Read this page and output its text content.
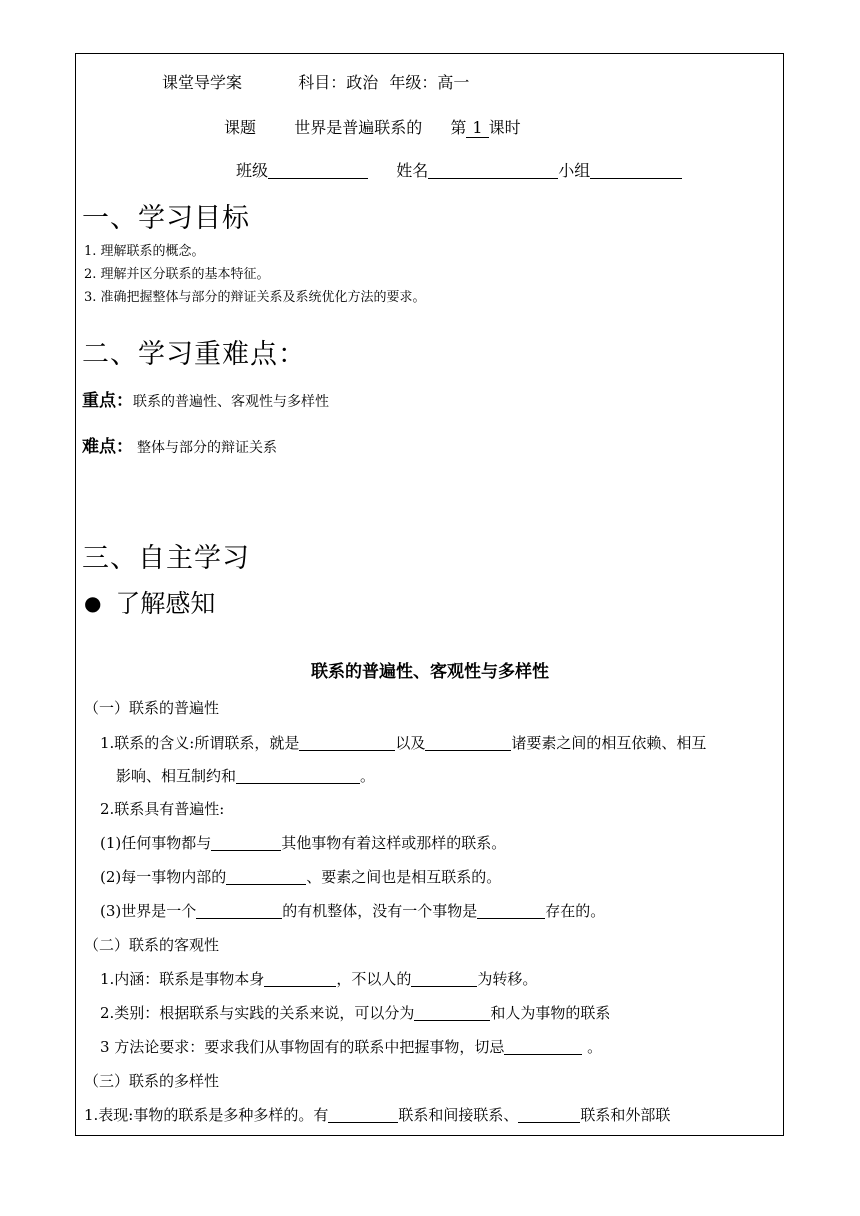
课堂导学案	科目：政治 年级：高一
课题 世界是普遍联系的 第 1 课时
班级	姓名	小组
一、学习目标
1. 理解联系的概念。
2. 理解并区分联系的基本特征。
3. 准确把握整体与部分的辩证关系及系统优化方法的要求。
二、学习重难点：
重点：联系的普遍性、客观性与多样性
难点： 整体与部分的辩证关系
三、自主学习
● 了解感知
联系的普遍性、客观性与多样性
（一）联系的普遍性
1.联系的含义:所谓联系，就是	以及	诸要素之间的相互依赖、相互
影响、相互制约和	。
2.联系具有普遍性:
(1)任何事物都与	其他事物有着这样或那样的联系。
(2)每一事物内部的	、要素之间也是相互联系的。
(3)世界是一个	的有机整体，没有一个事物是	存在的。
（二）联系的客观性
1.内涵：联系是事物本身	，不以人的	为转移。
2.类别：根据联系与实践的关系来说，可以分为	和人为事物的联系
3 方法论要求：要求我们从事物固有的联系中把握事物，切忌	。
（三）联系的多样性
1.表现:事物的联系是多种多样的。有	联系和间接联系、	联系和外部联
